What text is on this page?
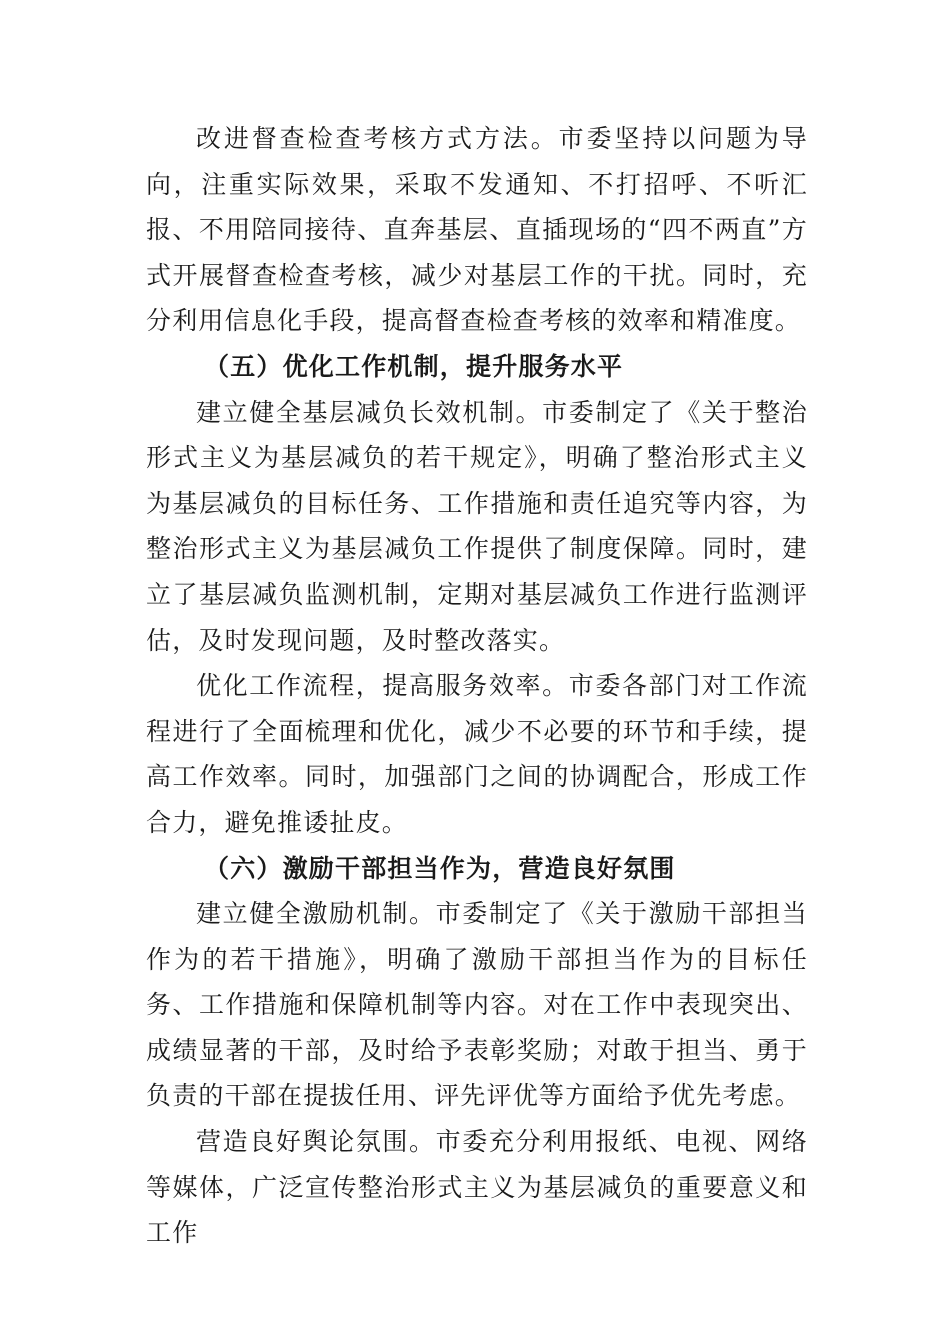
改进督查检查考核方式方法。市委坚持以问题为导向，注重实际效果，采取不发通知、不打招呼、不听汇报、不用陪同接待、直奔基层、直插现场的“四不两直”方式开展督查检查考核，减少对基层工作的干扰。同时，充分利用信息化手段，提高督查检查考核的效率和精准度。

（五）优化工作机制，提升服务水平

建立健全基层减负长效机制。市委制定了《关于整治形式主义为基层减负的若干规定》，明确了整治形式主义为基层减负的目标任务、工作措施和责任追究等内容，为整治形式主义为基层减负工作提供了制度保障。同时，建立了基层减负监测机制，定期对基层减负工作进行监测评估，及时发现问题，及时整改落实。

优化工作流程，提高服务效率。市委各部门对工作流程进行了全面梳理和优化，减少不必要的环节和手续，提高工作效率。同时，加强部门之间的协调配合，形成工作合力，避免推诿扯皮。

（六）激励干部担当作为，营造良好氛围

建立健全激励机制。市委制定了《关于激励干部担当作为的若干措施》，明确了激励干部担当作为的目标任务、工作措施和保障机制等内容。对在工作中表现突出、成绩显著的干部，及时给予表彰奖励；对敢于担当、勇于负责的干部在提拔任用、评先评优等方面给予优先考虑。

营造良好舆论氛围。市委充分利用报纸、电视、网络等媒体，广泛宣传整治形式主义为基层减负的重要意义和工作
